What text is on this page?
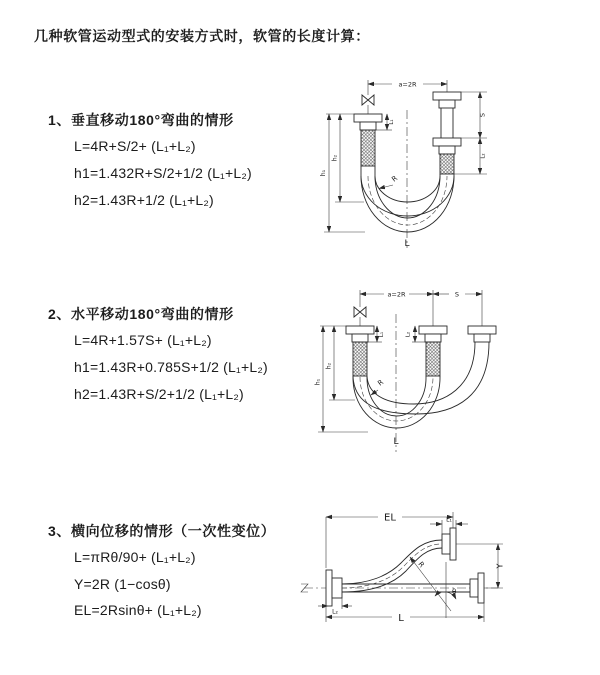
几种软管运动型式的安装方式时，软管的长度计算：
1、垂直移动180°弯曲的情形
L=4R+S/2+ (L₁+L₂)
h1=1.432R+S/2+1/2 (L₁+L₂)
h2=1.43R+1/2 (L₁+L₂)
2、水平移动180°弯曲的情形
L=4R+1.57S+ (L₁+L₂)
h1=1.43R+0.785S+1/2 (L₁+L₂)
h2=1.43R+S/2+1/2 (L₁+L₂)
3、横向位移的情形（一次性变位）
L=πRθ/90+ (L₁+L₂)
Y=2R (1−cosθ)
EL=2Rsinθ+ (L₁+L₂)
a=2R
h₁
h₂
L₁
S
L₂
R
L
a=2R	S
h₁
h₂
L₁	L₂
R
L
EL	L₁
Y
R
θ
L₂
L
